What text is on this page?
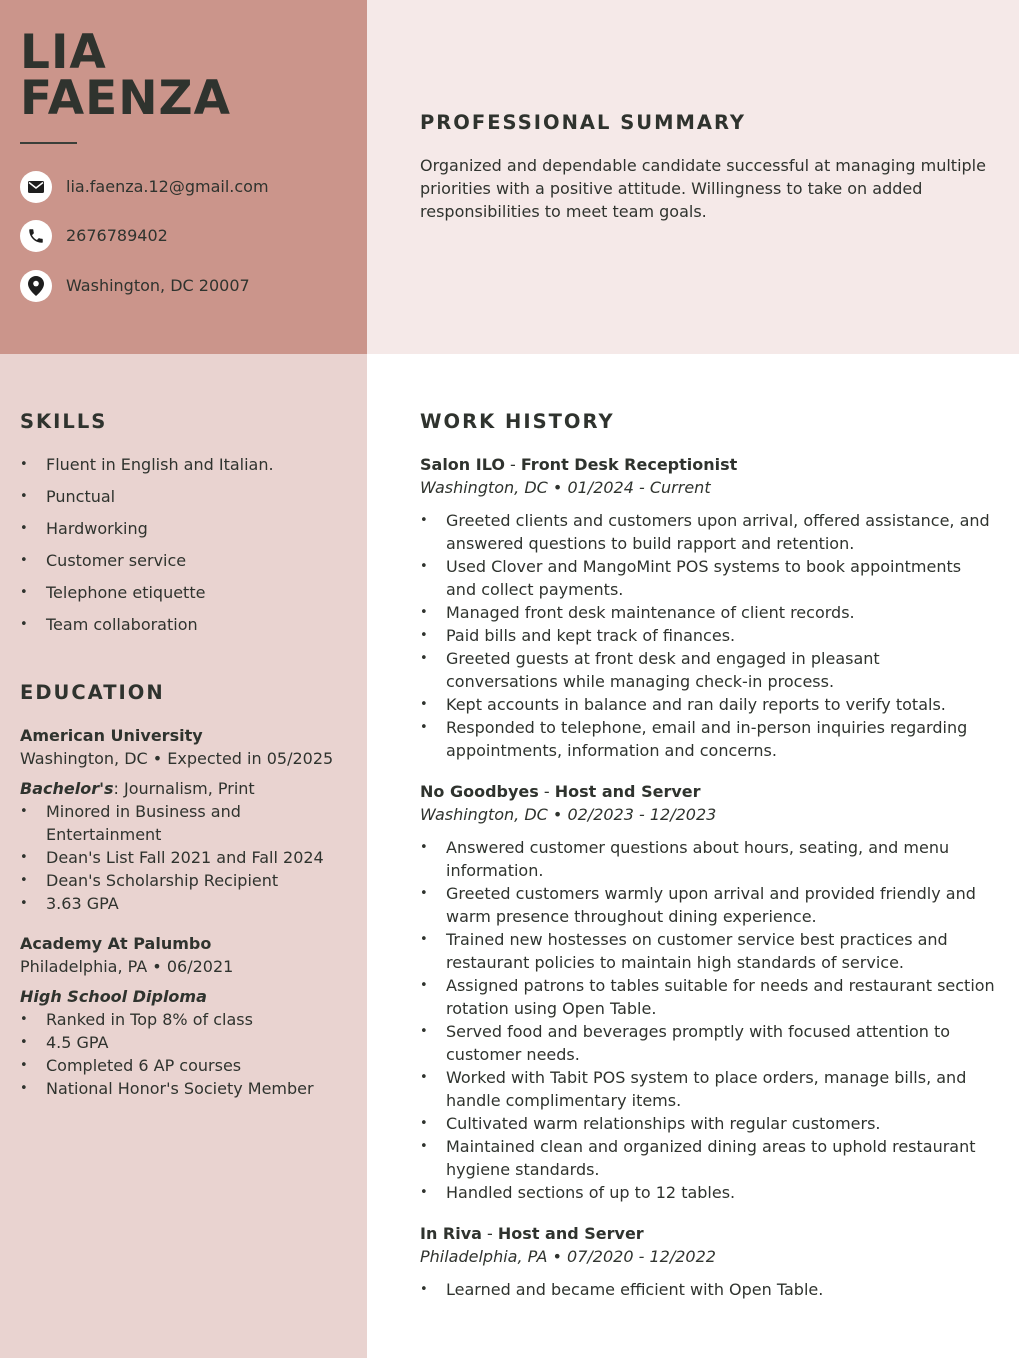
LIA
FAENZA
lia.faenza.12@gmail.com
2676789402
Washington, DC 20007
PROFESSIONAL SUMMARY

Organized and dependable candidate successful at managing multiple priorities with a positive attitude. Willingness to take on added responsibilities to meet team goals.

SKILLS
• Fluent in English and Italian.
• Punctual
• Hardworking
• Customer service
• Telephone etiquette
• Team collaboration
EDUCATION
American University
Washington, DC • Expected in 05/2025
Bachelor's: Journalism, Print
• Minored in Business and Entertainment
• Dean's List Fall 2021 and Fall 2024
• Dean's Scholarship Recipient
• 3.63 GPA
Academy At Palumbo
Philadelphia, PA • 06/2021
High School Diploma
• Ranked in Top 8% of class
• 4.5 GPA
• Completed 6 AP courses
• National Honor's Society Member
WORK HISTORY
Salon ILO - Front Desk Receptionist
Washington, DC • 01/2024 - Current
• Greeted clients and customers upon arrival, offered assistance, and answered questions to build rapport and retention.
• Used Clover and MangoMint POS systems to book appointments and collect payments.
• Managed front desk maintenance of client records.
• Paid bills and kept track of finances.
• Greeted guests at front desk and engaged in pleasant conversations while managing check-in process.
• Kept accounts in balance and ran daily reports to verify totals.
• Responded to telephone, email and in-person inquiries regarding appointments, information and concerns.
No Goodbyes - Host and Server
Washington, DC • 02/2023 - 12/2023
• Answered customer questions about hours, seating, and menu information.
• Greeted customers warmly upon arrival and provided friendly and warm presence throughout dining experience.
• Trained new hostesses on customer service best practices and restaurant policies to maintain high standards of service.
• Assigned patrons to tables suitable for needs and restaurant section rotation using Open Table.
• Served food and beverages promptly with focused attention to customer needs.
• Worked with Tabit POS system to place orders, manage bills, and handle complimentary items.
• Cultivated warm relationships with regular customers.
• Maintained clean and organized dining areas to uphold restaurant hygiene standards.
• Handled sections of up to 12 tables.
In Riva - Host and Server
Philadelphia, PA • 07/2020 - 12/2022
• Learned and became efficient with Open Table.
